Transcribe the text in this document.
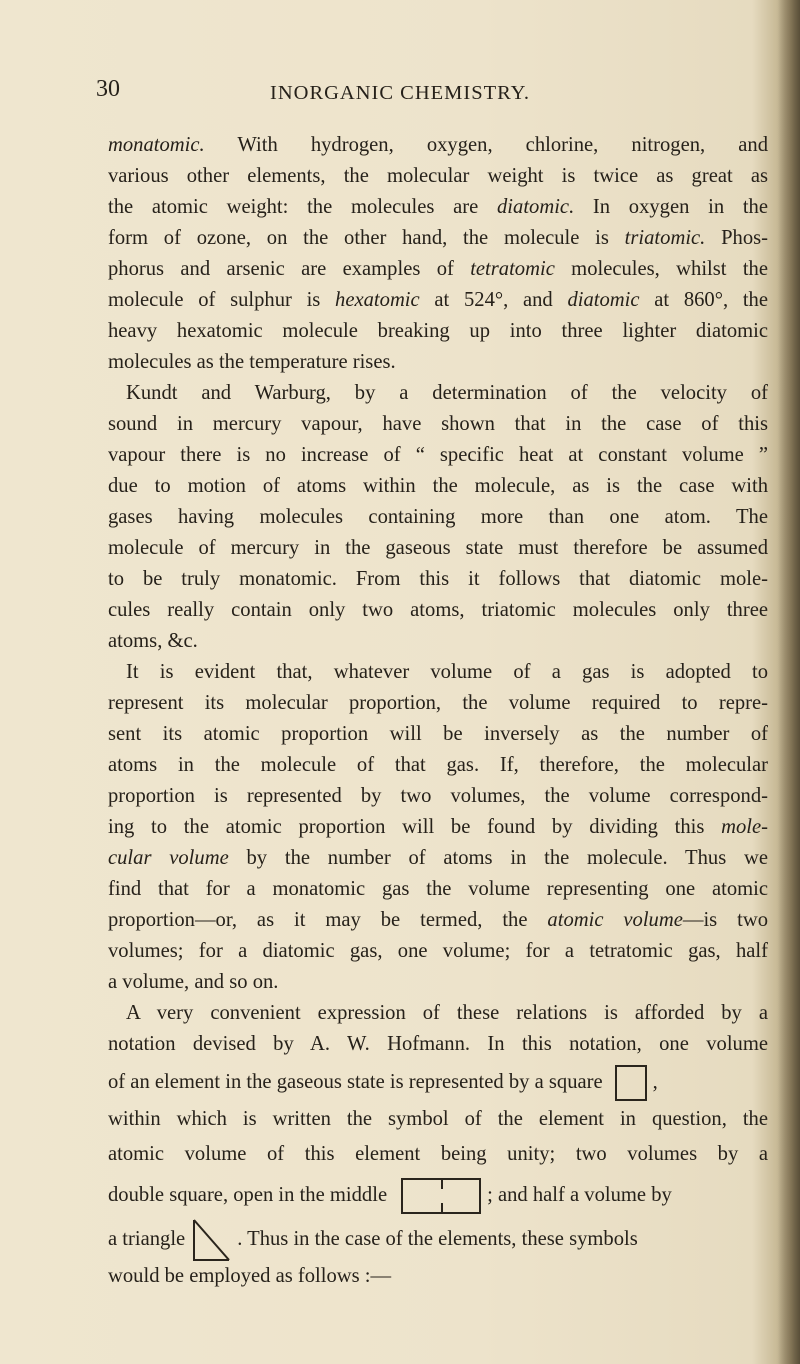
30	INORGANIC CHEMISTRY.
monatomic. With hydrogen, oxygen, chlorine, nitrogen, and
various other elements, the molecular weight is twice as great as
the atomic weight: the molecules are diatomic. In oxygen in the
form of ozone, on the other hand, the molecule is triatomic. Phos-
phorus and arsenic are examples of tetratomic molecules, whilst the
molecule of sulphur is hexatomic at 524°, and diatomic at 860°, the
heavy hexatomic molecule breaking up into three lighter diatomic
molecules as the temperature rises.
Kundt and Warburg, by a determination of the velocity of
sound in mercury vapour, have shown that in the case of this
vapour there is no increase of “ specific heat at constant volume ”
due to motion of atoms within the molecule, as is the case with
gases having molecules containing more than one atom. The
molecule of mercury in the gaseous state must therefore be assumed
to be truly monatomic. From this it follows that diatomic mole-
cules really contain only two atoms, triatomic molecules only three
atoms, &c.
It is evident that, whatever volume of a gas is adopted to
represent its molecular proportion, the volume required to repre-
sent its atomic proportion will be inversely as the number of
atoms in the molecule of that gas. If, therefore, the molecular
proportion is represented by two volumes, the volume correspond-
ing to the atomic proportion will be found by dividing this mole-
cular volume by the number of atoms in the molecule. Thus we
find that for a monatomic gas the volume representing one atomic
proportion—or, as it may be termed, the atomic volume—is two
volumes; for a diatomic gas, one volume; for a tetratomic gas, half
a volume, and so on.
A very convenient expression of these relations is afforded by a
notation devised by A. W. Hofmann. In this notation, one volume
of an element in the gaseous state is represented by a square ,
within which is written the symbol of the element in question, the
atomic volume of this element being unity; two volumes by a
double square, open in the middle	; and half a volume by
a triangle	. Thus in the case of the elements, these symbols
would be employed as follows :—
